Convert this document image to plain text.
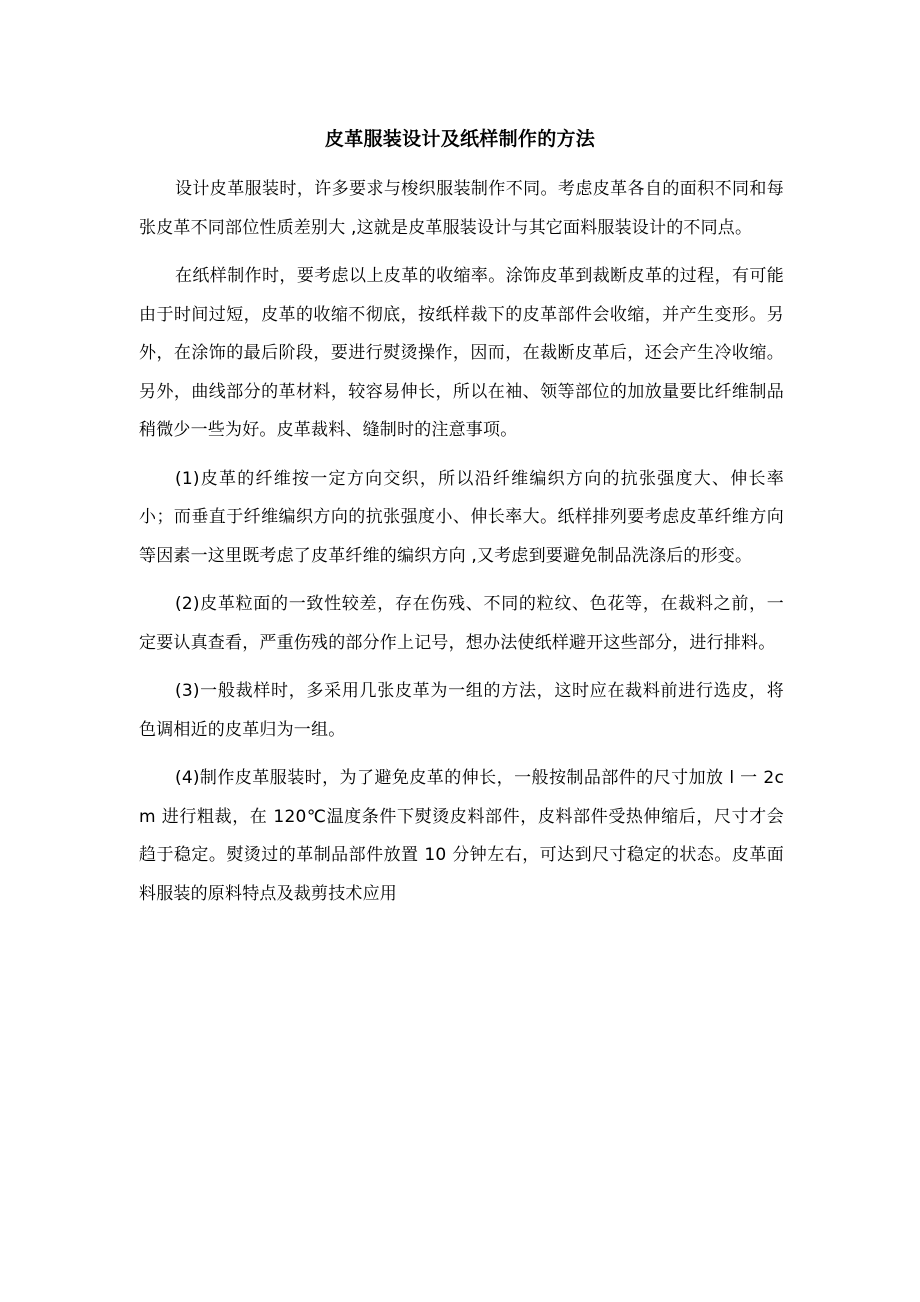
皮革服装设计及纸样制作的方法

设计皮革服装时，许多要求与梭织服装制作不同。考虑皮革各自的面积不同和每张皮革不同部位性质差别大 ,这就是皮革服装设计与其它面料服装设计的不同点。

在纸样制作时，要考虑以上皮革的收缩率。涂饰皮革到裁断皮革的过程，有可能由于时间过短，皮革的收缩不彻底，按纸样裁下的皮革部件会收缩，并产生变形。另外，在涂饰的最后阶段，要进行熨烫操作，因而，在裁断皮革后，还会产生冷收缩。另外，曲线部分的革材料，较容易伸长，所以在袖、领等部位的加放量要比纤维制品稍微少一些为好。皮革裁料、缝制时的注意事项。

(1)皮革的纤维按一定方向交织，所以沿纤维编织方向的抗张强度大、伸长率小；而垂直于纤维编织方向的抗张强度小、伸长率大。纸样排列要考虑皮革纤维方向等因素一这里既考虑了皮革纤维的编织方向 ,又考虑到要避免制品洗涤后的形变。

(2)皮革粒面的一致性较差，存在伤残、不同的粒纹、色花等，在裁料之前，一定要认真查看，严重伤残的部分作上记号，想办法使纸样避开这些部分，进行排料。

(3)一般裁样时，多采用几张皮革为一组的方法，这时应在裁料前进行选皮，将色调相近的皮革归为一组。

(4)制作皮革服装时，为了避免皮革的伸长，一般按制品部件的尺寸加放 l 一 2cm 进行粗裁，在 120℃温度条件下熨烫皮料部件，皮料部件受热伸缩后，尺寸才会趋于稳定。熨烫过的革制品部件放置 10 分钟左右，可达到尺寸稳定的状态。皮革面料服装的原料特点及裁剪技术应用
